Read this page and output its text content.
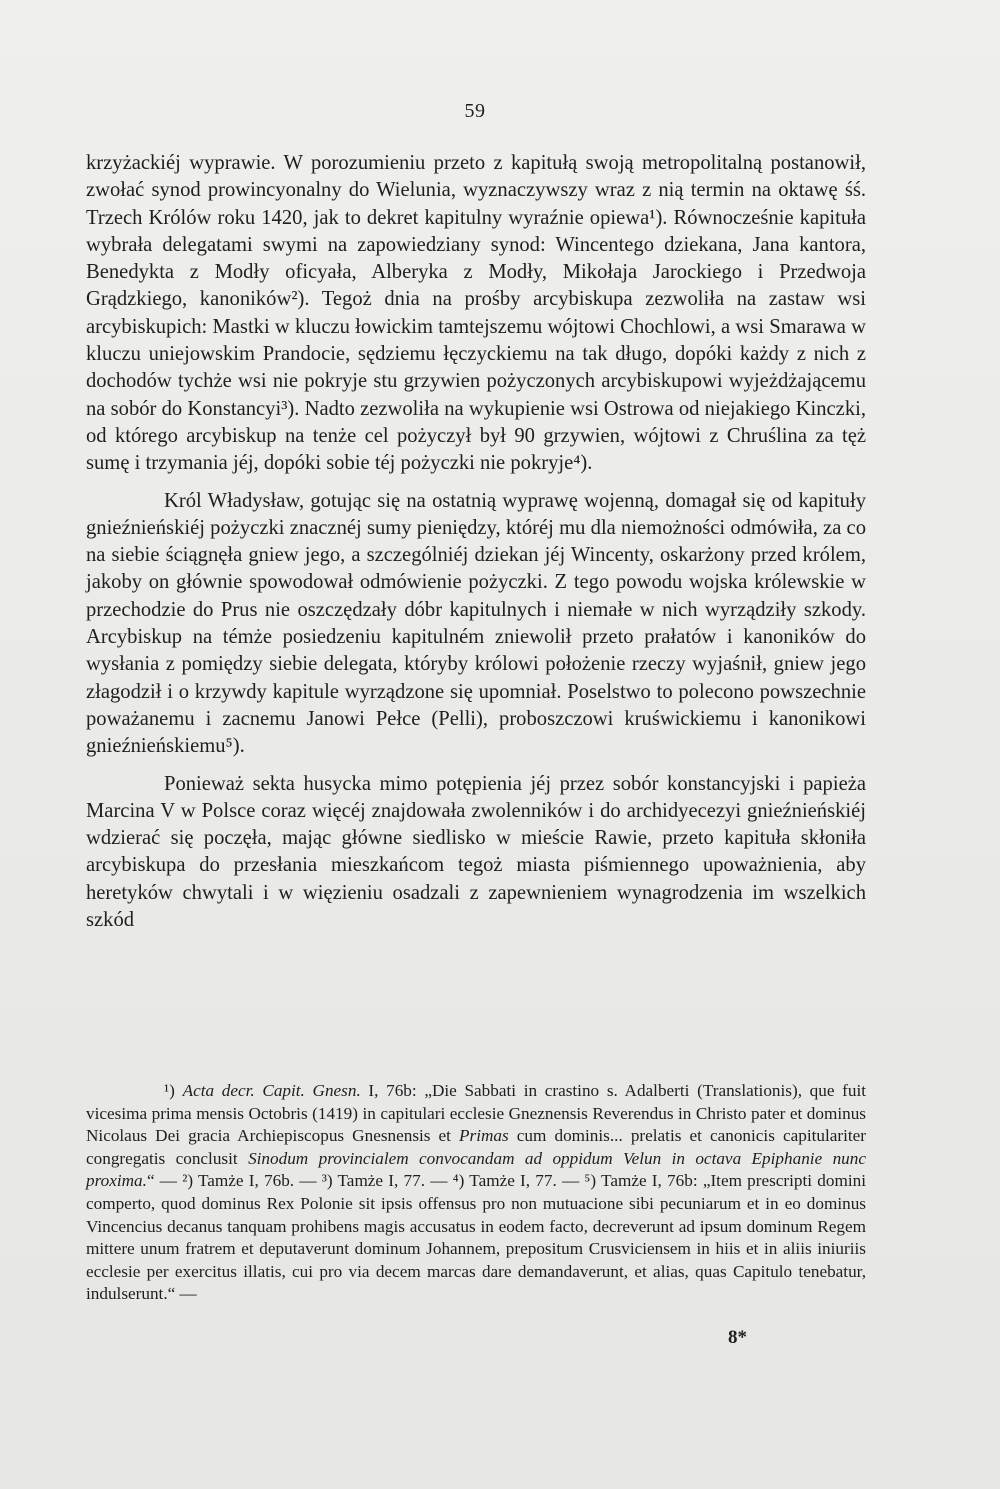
59

krzyżackiéj wyprawie. W porozumieniu przeto z kapitułą swoją metropolitalną postanowił, zwołać synod prowincyonalny do Wielunia, wyznaczywszy wraz z nią termin na oktawę śś. Trzech Królów roku 1420, jak to dekret kapitulny wyraźnie opiewa¹). Równocześnie kapituła wybrała delegatami swymi na zapowiedziany synod: Wincentego dziekana, Jana kantora, Benedykta z Modły oficyała, Alberyka z Modły, Mikołaja Jarockiego i Przedwoja Grądzkiego, kanoników²). Tegoż dnia na prośby arcybiskupa zezwoliła na zastaw wsi arcybiskupich: Mastki w kluczu łowickim tamtejszemu wójtowi Chochlowi, a wsi Smarawa w kluczu uniejowskim Prandocie, sędziemu łęczyckiemu na tak długo, dopóki każdy z nich z dochodów tychże wsi nie pokryje stu grzywien pożyczonych arcybiskupowi wyjeżdżającemu na sobór do Konstancyi³). Nadto zezwoliła na wykupienie wsi Ostrowa od niejakiego Kinczki, od którego arcybiskup na tenże cel pożyczył był 90 grzywien, wójtowi z Chruślina za tęż sumę i trzymania jéj, dopóki sobie téj pożyczki nie pokryje⁴).

Król Władysław, gotując się na ostatnią wyprawę wojenną, domagał się od kapituły gnieźnieńskiéj pożyczki znacznéj sumy pieniędzy, któréj mu dla niemożności odmówiła, za co na siebie ściągnęła gniew jego, a szczególniéj dziekan jéj Wincenty, oskarżony przed królem, jakoby on głównie spowodował odmówienie pożyczki. Z tego powodu wojska królewskie w przechodzie do Prus nie oszczędzały dóbr kapitulnych i niemałe w nich wyrządziły szkody. Arcybiskup na témże posiedzeniu kapitulném zniewolił przeto prałatów i kanoników do wysłania z pomiędzy siebie delegata, któryby królowi położenie rzeczy wyjaśnił, gniew jego złagodził i o krzywdy kapitule wyrządzone się upomniał. Poselstwo to polecono powszechnie poważanemu i zacnemu Janowi Pełce (Pelli), proboszczowi kruświckiemu i kanonikowi gnieźnieńskiemu⁵).

Ponieważ sekta husycka mimo potępienia jéj przez sobór konstancyjski i papieża Marcina V w Polsce coraz więcéj znajdowała zwolenników i do archidyecezyi gnieźnieńskiéj wdzierać się poczęła, mając główne siedlisko w mieście Rawie, przeto kapituła skłoniła arcybiskupa do przesłania mieszkańcom tegoż miasta piśmiennego upoważnienia, aby heretyków chwytali i w więzieniu osadzali z zapewnieniem wynagrodzenia im wszelkich szkód

¹) Acta decr. Capit. Gnesn. I, 76b: „Die Sabbati in crastino s. Adalberti (Translationis), que fuit vicesima prima mensis Octobris (1419) in capitulari ecclesie Gneznensis Reverendus in Christo pater et dominus Nicolaus Dei gracia Archiepiscopus Gnesnensis et Primas cum dominis... prelatis et canonicis capitulariter congregatis conclusit Sinodum provincialem convocandam ad oppidum Velun in octava Epiphanie nunc proxima.“ — ²) Tamże I, 76b. — ³) Tamże I, 77. — ⁴) Tamże I, 77. — ⁵) Tamże I, 76b: „Item prescripti domini comperto, quod dominus Rex Polonie sit ipsis offensus pro non mutuacione sibi pecuniarum et in eo dominus Vincencius decanus tanquam prohibens magis accusatus in eodem facto, decreverunt ad ipsum dominum Regem mittere unum fratrem et deputaverunt dominum Johannem, prepositum Crusviciensem in hiis et in aliis iniuriis ecclesie per exercitus illatis, cui pro via decem marcas dare demandaverunt, et alias, quas Capitulo tenebatur, indulserunt.“ —

8*
